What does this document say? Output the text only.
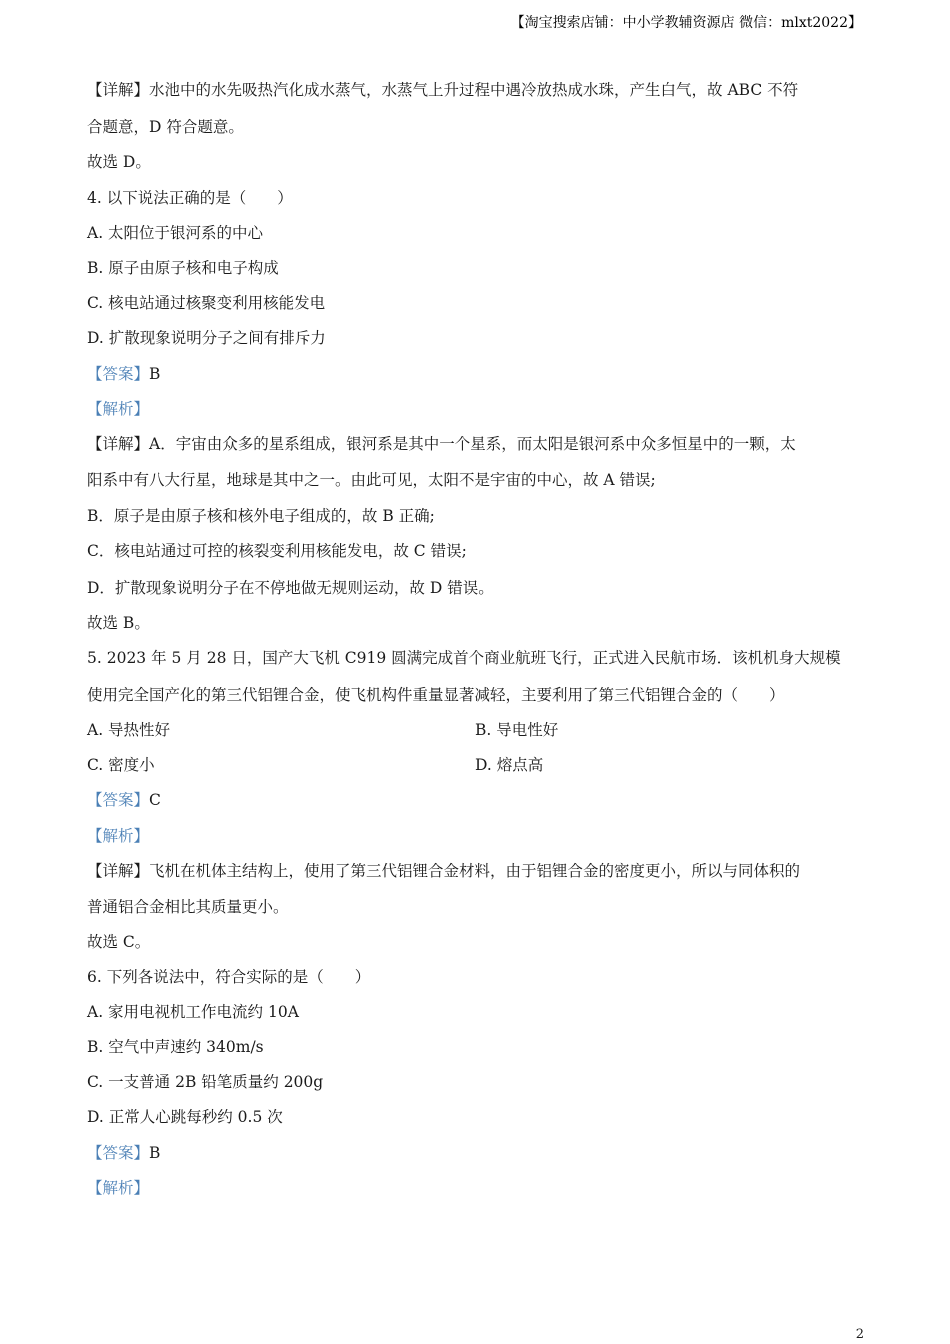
【淘宝搜索店铺：中小学教辅资源店 微信：mlxt2022】
【详解】水池中的水先吸热汽化成水蒸气，水蒸气上升过程中遇冷放热成水珠，产生白气，故 ABC 不符
合题意，D 符合题意。
故选 D。
4. 以下说法正确的是（　　）
A. 太阳位于银河系的中心
B. 原子由原子核和电子构成
C. 核电站通过核聚变利用核能发电
D. 扩散现象说明分子之间有排斥力
【答案】B
【解析】
【详解】A．宇宙由众多的星系组成，银河系是其中一个星系，而太阳是银河系中众多恒星中的一颗，太
阳系中有八大行星，地球是其中之一。由此可见，太阳不是宇宙的中心，故 A 错误;
B．原子是由原子核和核外电子组成的，故 B 正确;
C．核电站通过可控的核裂变利用核能发电，故 C 错误;
D．扩散现象说明分子在不停地做无规则运动，故 D 错误。
故选 B。
5. 2023 年 5 月 28 日，国产大飞机 C919 圆满完成首个商业航班飞行，正式进入民航市场．该机机身大规模
使用完全国产化的第三代铝锂合金，使飞机构件重量显著减轻，主要利用了第三代铝锂合金的（　　）
A. 导热性好	B. 导电性好
C. 密度小	D. 熔点高
【答案】C
【解析】
【详解】飞机在机体主结构上，使用了第三代铝锂合金材料，由于铝锂合金的密度更小，所以与同体积的
普通铝合金相比其质量更小。
故选 C。
6. 下列各说法中，符合实际的是（　　）
A. 家用电视机工作电流约 10A
B. 空气中声速约 340m/s
C. 一支普通 2B 铅笔质量约 200g
D. 正常人心跳每秒约 0.5 次
【答案】B
【解析】
2
